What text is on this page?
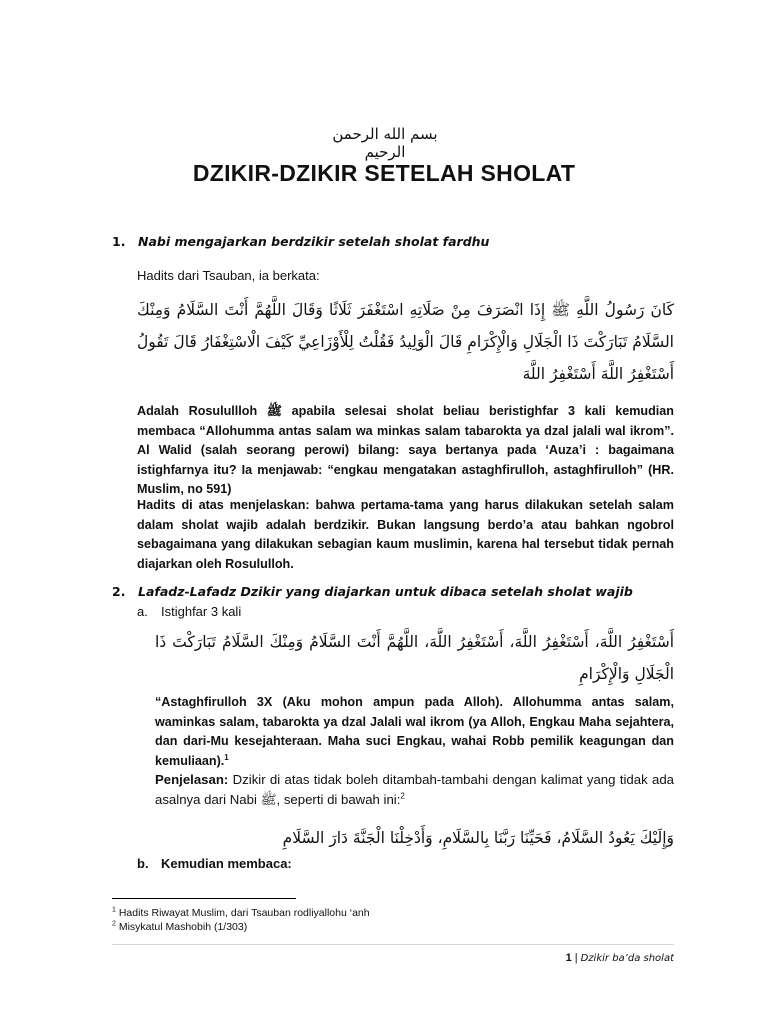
بسم الله الرحمن الرحيم
DZIKIR-DZIKIR SETELAH SHOLAT
1. Nabi mengajarkan berdzikir setelah sholat fardhu
Hadits dari Tsauban, ia berkata:
كَانَ رَسُولُ اللَّهِ ﷺ إِذَا انْصَرَفَ مِنْ صَلَاتِهِ اسْتَغْفَرَ ثَلَاثًا وَقَالَ اللَّهُمَّ أَنْتَ السَّلَامُ وَمِنْكَ السَّلَامُ تَبَارَكْتَ ذَا الْجَلَالِ وَالْإِكْرَامِ قَالَ الْوَلِيدُ فَقُلْتُ لِلْأَوْزَاعِيِّ كَيْفَ الْاسْتِغْفَارُ قَالَ تَقُولُ أَسْتَغْفِرُ اللَّهَ أَسْتَغْفِرُ اللَّهَ
Adalah Rosulullloh ﷺ apabila selesai sholat beliau beristighfar 3 kali kemudian membaca “Allohumma antas salam wa minkas salam tabarokta ya dzal jalali wal ikrom”. Al Walid (salah seorang perowi) bilang: saya bertanya pada ‘Auza’i : bagaimana istighfarnya itu? Ia menjawab: “engkau mengatakan astaghfirulloh, astaghfirulloh” (HR. Muslim, no 591)
Hadits di atas menjelaskan: bahwa pertama-tama yang harus dilakukan setelah salam dalam sholat wajib adalah berdzikir. Bukan langsung berdo’a atau bahkan ngobrol sebagaimana yang dilakukan sebagian kaum muslimin, karena hal tersebut tidak pernah diajarkan oleh Rosululloh.
2. Lafadz-Lafadz Dzikir yang diajarkan untuk dibaca setelah sholat wajib
a. Istighfar 3 kali
أَسْتَغْفِرُ اللَّهَ، أَسْتَغْفِرُ اللَّهَ، أَسْتَغْفِرُ اللَّهَ، اللَّهُمَّ أَنْتَ السَّلَامُ وَمِنْكَ السَّلَامُ تَبَارَكْتَ ذَا الْجَلَالِ وَالْإِكْرَامِ
“Astaghfirulloh 3X (Aku mohon ampun pada Alloh). Allohumma antas salam, waminkas salam, tabarokta ya dzal Jalali wal ikrom (ya Alloh, Engkau Maha sejahtera, dan dari-Mu kesejahteraan. Maha suci Engkau, wahai Robb pemilik keagungan dan kemuliaan).$^1$
Penjelasan: Dzikir di atas tidak boleh ditambah-tambahi dengan kalimat yang tidak ada asalnya dari Nabi ﷺ, seperti di bawah ini:$^2$
وَإِلَيْكَ يَعُودُ السَّلَامُ، فَحَيِّنَا رَبَّنَا بِالسَّلَامِ، وَأَدْخِلْنَا الْجَنَّةَ دَارَ السَّلَامِ
b. Kemudian membaca:
$^1$ Hadits Riwayat Muslim, dari Tsauban rodliyallohu ‘anh
$^2$ Misykatul Mashobih (1/303)
1 | Dzikir ba’da sholat
